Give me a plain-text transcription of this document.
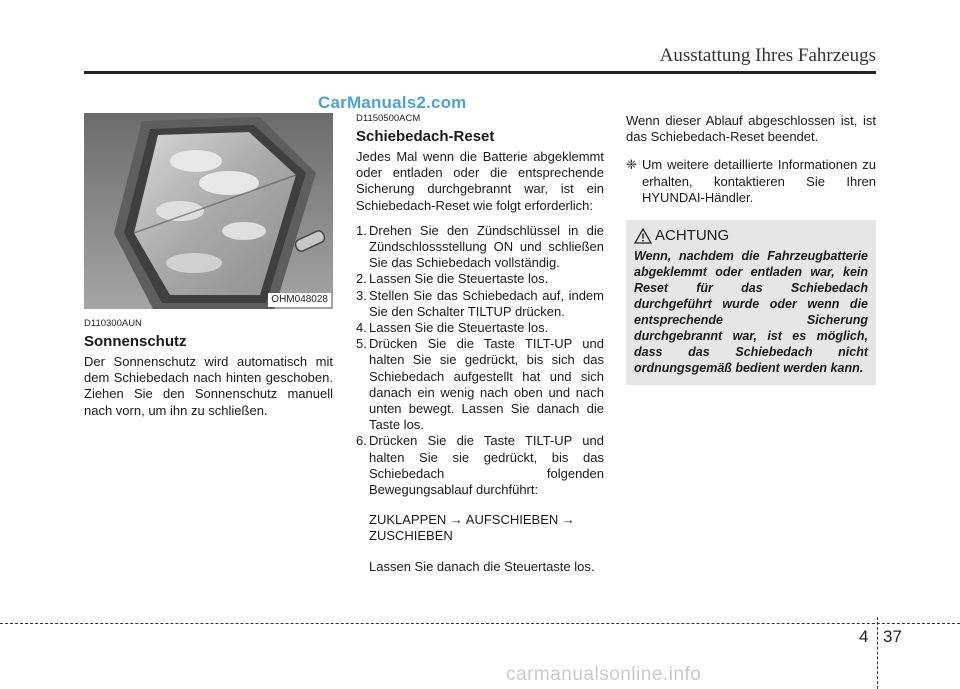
Ausstattung Ihres Fahrzeugs
CarManuals2.com
OHM048028
D110300AUN
Sonnenschutz

Der Sonnenschutz wird automatisch mit dem Schiebedach nach hinten geschoben. Ziehen Sie den Sonnenschutz manuell nach vorn, um ihn zu schließen.

D1150500ACM
Schiebedach-Reset

Jedes Mal wenn die Batterie abgeklemmt oder entladen oder die entsprechende Sicherung durchgebrannt war, ist ein Schiebedach-Reset wie folgt erforderlich:

1. Drehen Sie den Zündschlüssel in die Zündschlossstellung ON und schließen Sie das Schiebedach vollständig.
2. Lassen Sie die Steuertaste los.
3. Stellen Sie das Schiebedach auf, indem Sie den Schalter TILTUP drücken.
4. Lassen Sie die Steuertaste los.
5. Drücken Sie die Taste TILT-UP und halten Sie sie gedrückt, bis sich das Schiebedach aufgestellt hat und sich danach ein wenig nach oben und nach unten bewegt. Lassen Sie danach die Taste los.
6. Drücken Sie die Taste TILT-UP und halten Sie sie gedrückt, bis das Schiebedach folgenden Bewegungsablauf durchführt:

ZUKLAPPEN → AUFSCHIEBEN → ZUSCHIEBEN

Lassen Sie danach die Steuertaste los.

Wenn dieser Ablauf abgeschlossen ist, ist das Schiebedach-Reset beendet.

❈ Um weitere detaillierte Informationen zu erhalten, kontaktieren Sie Ihren HYUNDAI-Händler.
ACHTUNG

Wenn, nachdem die Fahrzeugbatterie abgeklemmt oder entladen war, kein Reset für das Schiebedach durchgeführt wurde oder wenn die entsprechende Sicherung durchgebrannt war, ist es möglich, dass das Schiebedach nicht ordnungsgemäß bedient werden kann.

4 37
carmanualsonline.info
